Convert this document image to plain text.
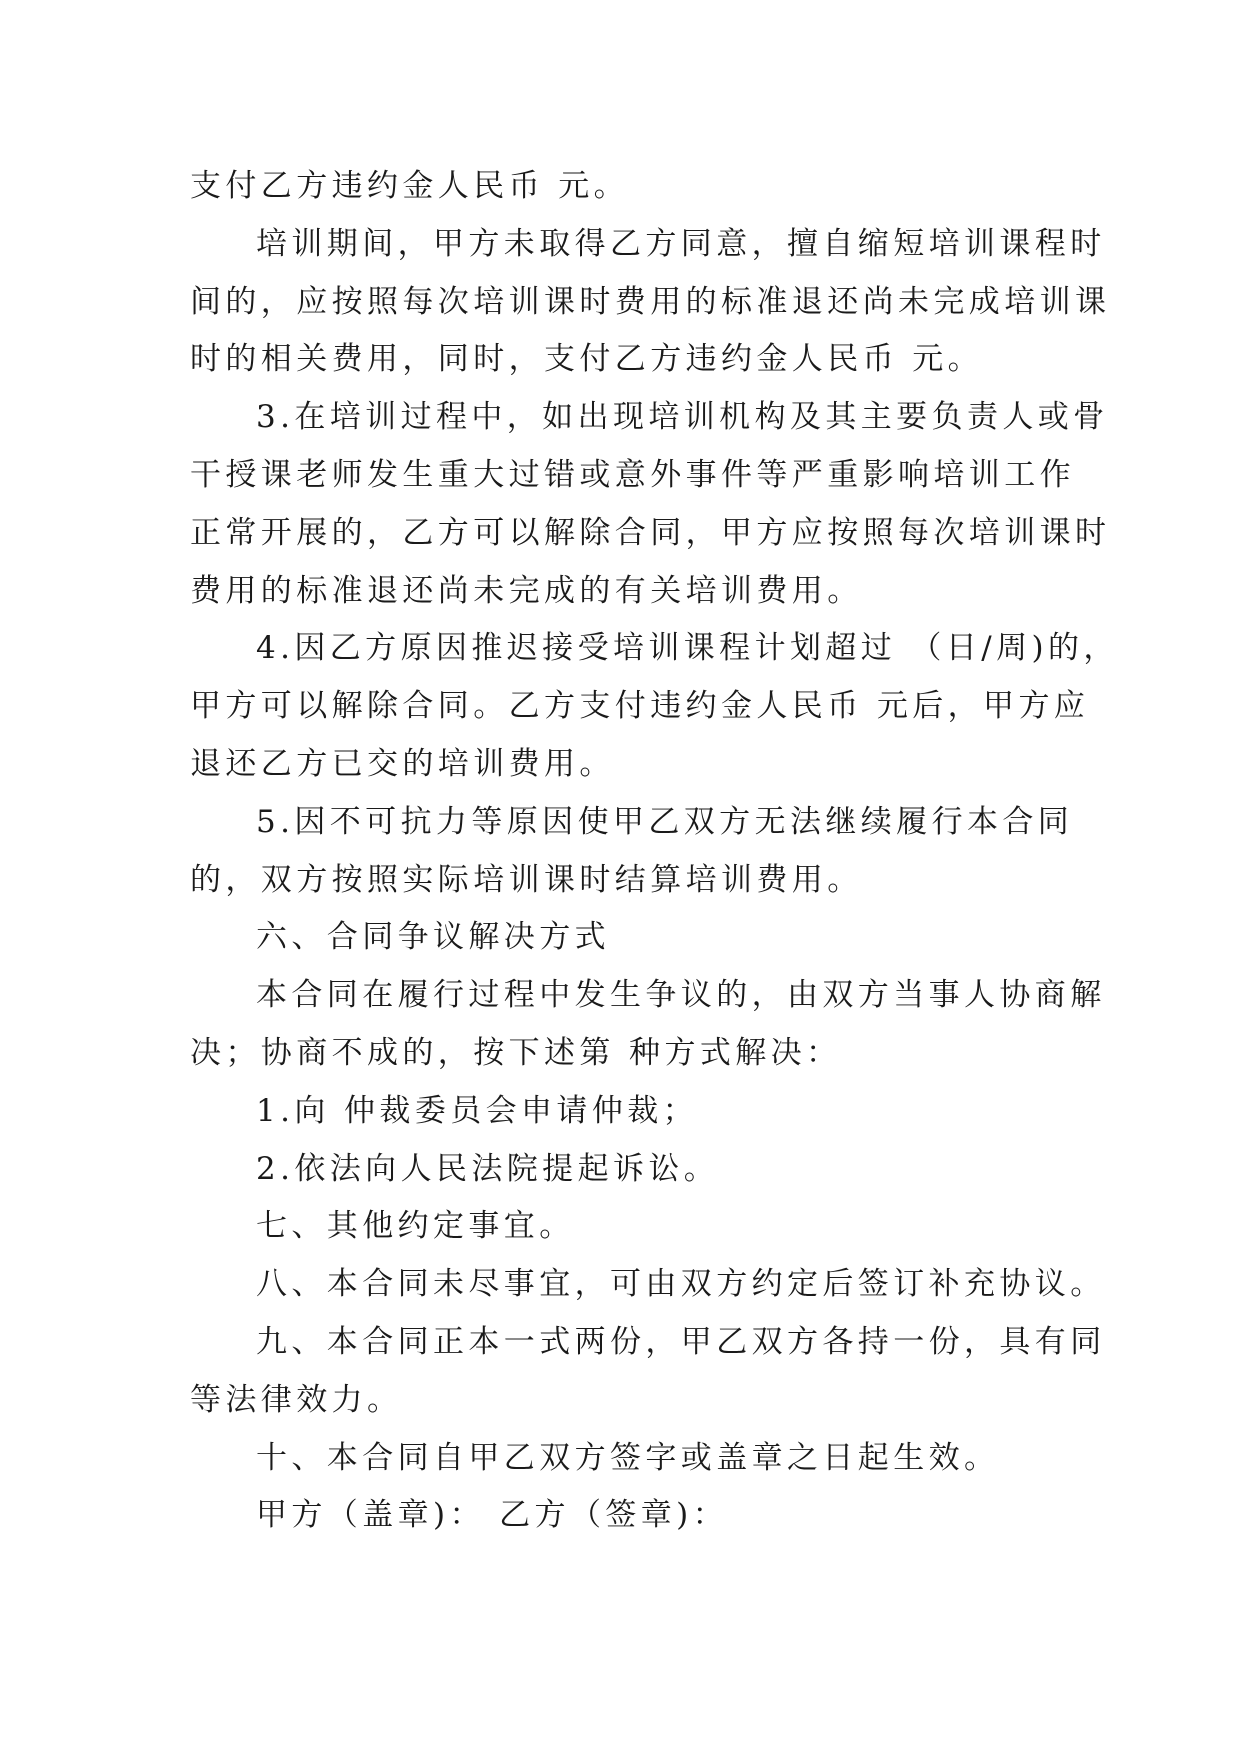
支付乙方违约金人民币 元。
培训期间，甲方未取得乙方同意，擅自缩短培训课程时
间的，应按照每次培训课时费用的标准退还尚未完成培训课
时的相关费用，同时，支付乙方违约金人民币 元。
3.在培训过程中，如出现培训机构及其主要负责人或骨
干授课老师发生重大过错或意外事件等严重影响培训工作
正常开展的，乙方可以解除合同，甲方应按照每次培训课时
费用的标准退还尚未完成的有关培训费用。
4.因乙方原因推迟接受培训课程计划超过 （日/周)的，
甲方可以解除合同。乙方支付违约金人民币 元后，甲方应
退还乙方已交的培训费用。
5.因不可抗力等原因使甲乙双方无法继续履行本合同
的，双方按照实际培训课时结算培训费用。
六、合同争议解决方式
本合同在履行过程中发生争议的，由双方当事人协商解
决；协商不成的，按下述第 种方式解决：
1.向 仲裁委员会申请仲裁；
2.依法向人民法院提起诉讼。
七、其他约定事宜。
八、本合同未尽事宜，可由双方约定后签订补充协议。
九、本合同正本一式两份，甲乙双方各持一份，具有同
等法律效力。
十、本合同自甲乙双方签字或盖章之日起生效。
甲方（盖章)： 乙方（签章)：
